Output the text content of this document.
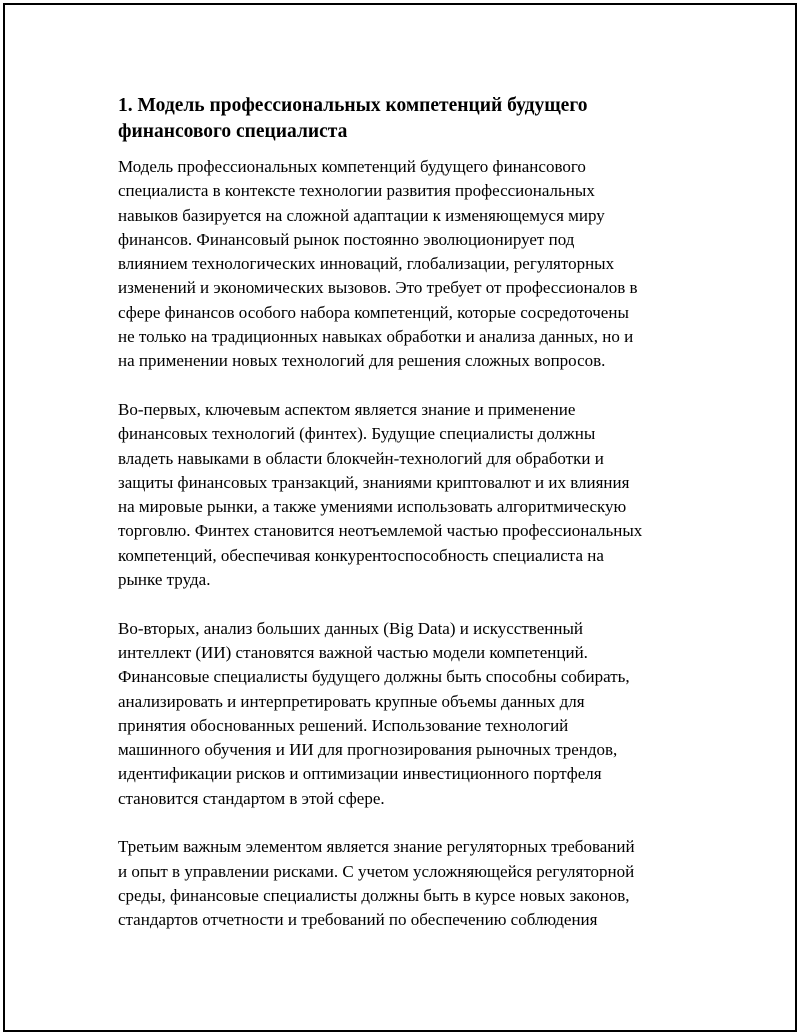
1. Модель профессиональных компетенций будущего
финансового специалиста

Модель профессиональных компетенций будущего финансового
специалиста в контексте технологии развития профессиональных
навыков базируется на сложной адаптации к изменяющемуся миру
финансов. Финансовый рынок постоянно эволюционирует под
влиянием технологических инноваций, глобализации, регуляторных
изменений и экономических вызовов. Это требует от профессионалов в
сфере финансов особого набора компетенций, которые сосредоточены
не только на традиционных навыках обработки и анализа данных, но и
на применении новых технологий для решения сложных вопросов.

Во-первых, ключевым аспектом является знание и применение
финансовых технологий (финтех). Будущие специалисты должны
владеть навыками в области блокчейн-технологий для обработки и
защиты финансовых транзакций, знаниями криптовалют и их влияния
на мировые рынки, а также умениями использовать алгоритмическую
торговлю. Финтех становится неотъемлемой частью профессиональных
компетенций, обеспечивая конкурентоспособность специалиста на
рынке труда.

Во-вторых, анализ больших данных (Big Data) и искусственный
интеллект (ИИ) становятся важной частью модели компетенций.
Финансовые специалисты будущего должны быть способны собирать,
анализировать и интерпретировать крупные объемы данных для
принятия обоснованных решений. Использование технологий
машинного обучения и ИИ для прогнозирования рыночных трендов,
идентификации рисков и оптимизации инвестиционного портфеля
становится стандартом в этой сфере.

Третьим важным элементом является знание регуляторных требований
и опыт в управлении рисками. С учетом усложняющейся регуляторной
среды, финансовые специалисты должны быть в курсе новых законов,
стандартов отчетности и требований по обеспечению соблюдения
